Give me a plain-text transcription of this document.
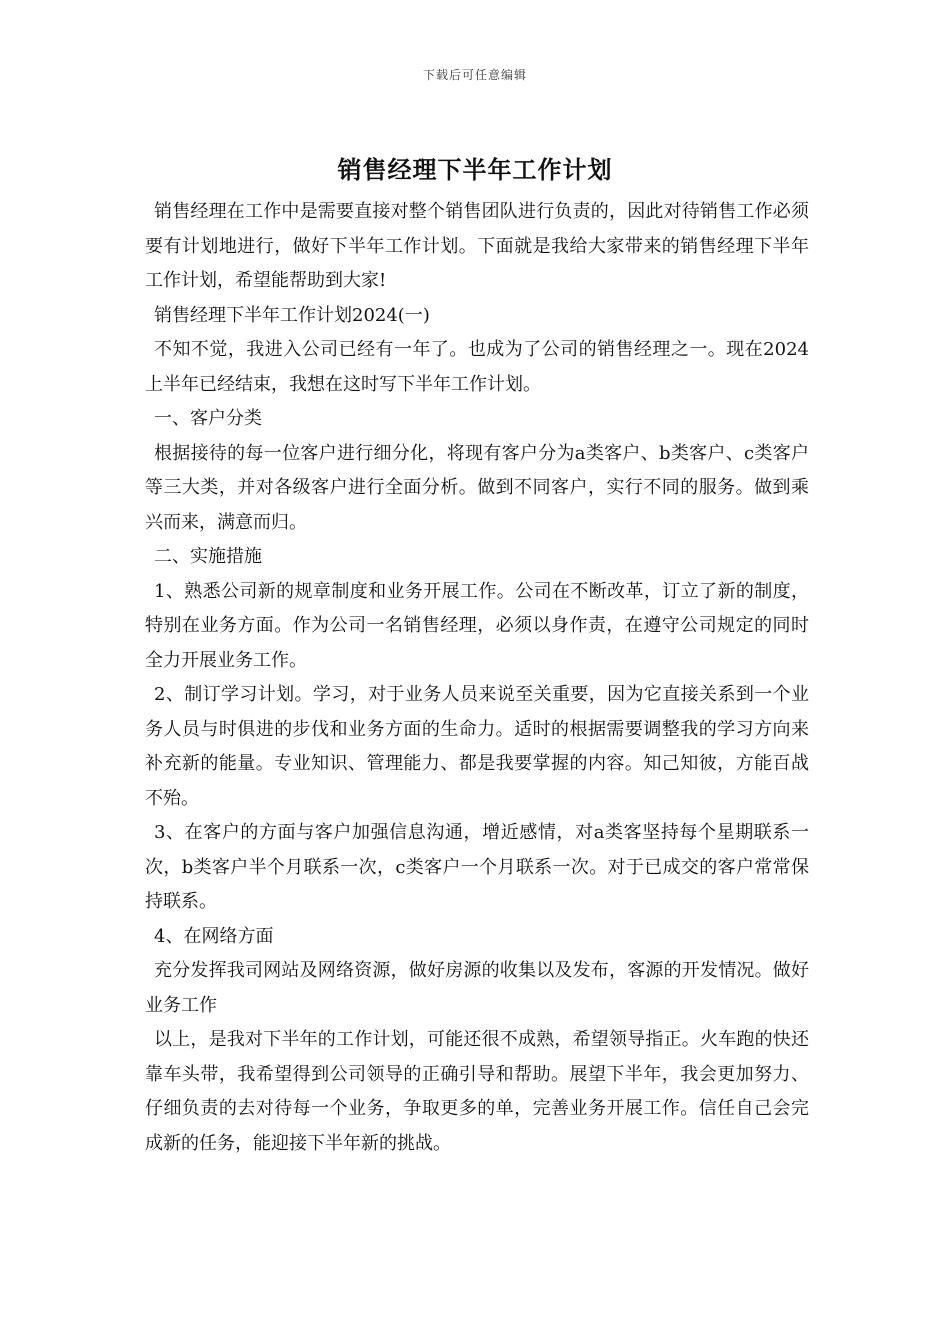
下载后可任意编辑
销售经理下半年工作计划

销售经理在工作中是需要直接对整个销售团队进行负责的，因此对待销售工作必须要有计划地进行，做好下半年工作计划。下面就是我给大家带来的销售经理下半年工作计划，希望能帮助到大家!

销售经理下半年工作计划2024(一)

不知不觉，我进入公司已经有一年了。也成为了公司的销售经理之一。现在2024上半年已经结束，我想在这时写下半年工作计划。

一、客户分类

根据接待的每一位客户进行细分化，将现有客户分为a类客户、b类客户、c类客户等三大类，并对各级客户进行全面分析。做到不同客户，实行不同的服务。做到乘兴而来，满意而归。

二、实施措施

1、熟悉公司新的规章制度和业务开展工作。公司在不断改革，订立了新的制度，特别在业务方面。作为公司一名销售经理，必须以身作责，在遵守公司规定的同时全力开展业务工作。

2、制订学习计划。学习，对于业务人员来说至关重要，因为它直接关系到一个业务人员与时俱进的步伐和业务方面的生命力。适时的根据需要调整我的学习方向来补充新的能量。专业知识、管理能力、都是我要掌握的内容。知己知彼，方能百战不殆。

3、在客户的方面与客户加强信息沟通，增近感情，对a类客坚持每个星期联系一次，b类客户半个月联系一次，c类客户一个月联系一次。对于已成交的客户常常保持联系。

4、在网络方面

充分发挥我司网站及网络资源，做好房源的收集以及发布，客源的开发情况。做好业务工作

以上，是我对下半年的工作计划，可能还很不成熟，希望领导指正。火车跑的快还靠车头带，我希望得到公司领导的正确引导和帮助。展望下半年，我会更加努力、仔细负责的去对待每一个业务，争取更多的单，完善业务开展工作。信任自己会完成新的任务，能迎接下半年新的挑战。
